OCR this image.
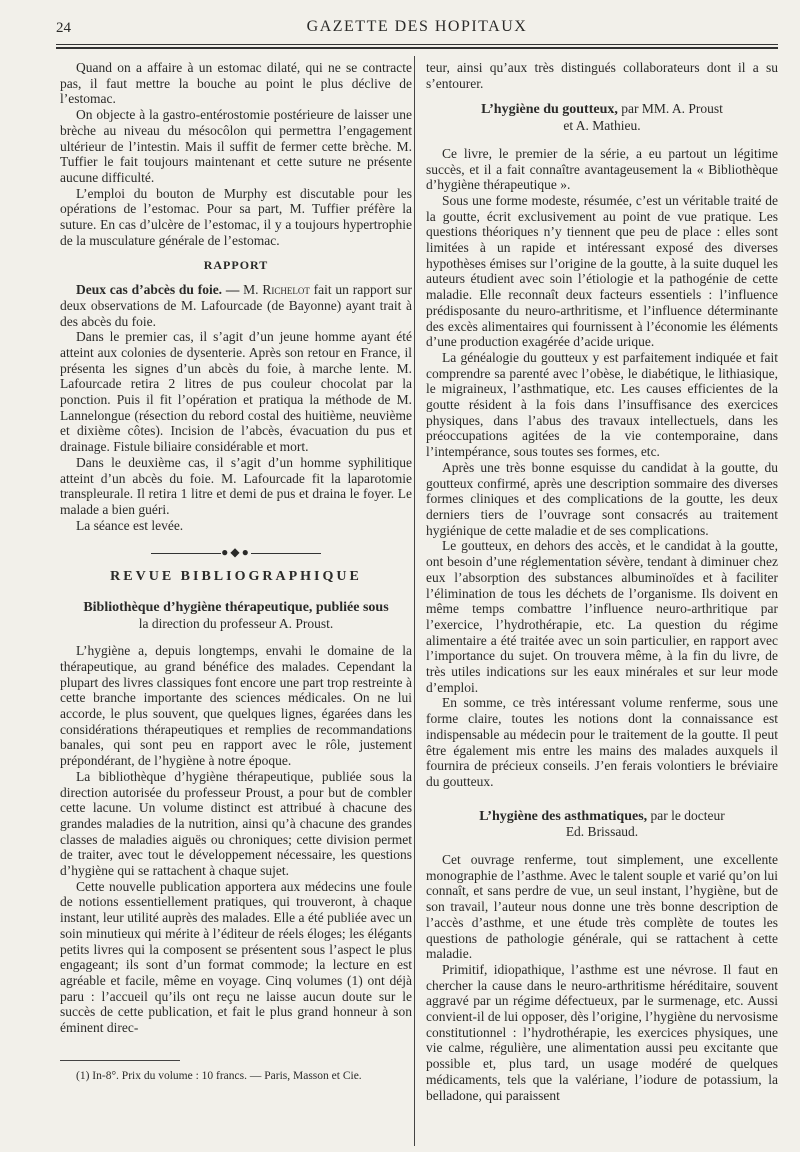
24	GAZETTE DES HOPITAUX

Quand on a affaire à un estomac dilaté, qui ne se contracte pas, il faut mettre la bouche au point le plus déclive de l’estomac.

On objecte à la gastro-entérostomie postérieure de laisser une brèche au niveau du mésocôlon qui permettra l’engagement ultérieur de l’intestin. Mais il suffit de fermer cette brèche. M. Tuffier le fait toujours maintenant et cette suture ne présente aucune difficulté.

L’emploi du bouton de Murphy est discutable pour les opérations de l’estomac. Pour sa part, M. Tuffier préfère la suture. En cas d’ulcère de l’estomac, il y a toujours hypertrophie de la musculature générale de l’estomac.

RAPPORT

Deux cas d’abcès du foie. — M. Richelot fait un rapport sur deux observations de M. Lafourcade (de Bayonne) ayant trait à des abcès du foie.

Dans le premier cas, il s’agit d’un jeune homme ayant été atteint aux colonies de dysenterie. Après son retour en France, il présenta les signes d’un abcès du foie, à marche lente. M. Lafourcade retira 2 litres de pus couleur chocolat par la ponction. Puis il fit l’opération et pratiqua la méthode de M. Lannelongue (résection du rebord costal des huitième, neuvième et dixième côtes). Incision de l’abcès, évacuation du pus et drainage. Fistule biliaire considérable et mort.

Dans le deuxième cas, il s’agit d’un homme syphilitique atteint d’un abcès du foie. M. Lafourcade fit la laparotomie transpleurale. Il retira 1 litre et demi de pus et draina le foyer. Le malade a bien guéri.

La séance est levée.

●◆●
REVUE BIBLIOGRAPHIQUE
Bibliothèque d’hygiène thérapeutique, publiée sous
la direction du professeur A. Proust.

L’hygiène a, depuis longtemps, envahi le domaine de la thérapeutique, au grand bénéfice des malades. Cependant la plupart des livres classiques font encore une part trop restreinte à cette branche importante des sciences médicales. On ne lui accorde, le plus souvent, que quelques lignes, égarées dans les considérations thérapeutiques et remplies de recommandations banales, qui sont peu en rapport avec le rôle, justement prépondérant, de l’hygiène à notre époque.

La bibliothèque d’hygiène thérapeutique, publiée sous la direction autorisée du professeur Proust, a pour but de combler cette lacune. Un volume distinct est attribué à chacune des grandes maladies de la nutrition, ainsi qu’à chacune des grandes classes de maladies aiguës ou chroniques; cette division permet de traiter, avec tout le développement nécessaire, les questions d’hygiène qui se rattachent à chaque sujet.

Cette nouvelle publication apportera aux médecins une foule de notions essentiellement pratiques, qui trouveront, à chaque instant, leur utilité auprès des malades. Elle a été publiée avec un soin minutieux qui mérite à l’éditeur de réels éloges; les élégants petits livres qui la composent se présentent sous l’aspect le plus engageant; ils sont d’un format commode; la lecture en est agréable et facile, même en voyage. Cinq volumes (1) ont déjà paru : l’accueil qu’ils ont reçu ne laisse aucun doute sur le succès de cette publication, et fait le plus grand honneur à son éminent direc-

(1) In-8°. Prix du volume : 10 francs. — Paris, Masson et Cie.

teur, ainsi qu’aux très distingués collaborateurs dont il a su s’entourer.

L’hygiène du goutteux, par MM. A. Proust
et A. Mathieu.

Ce livre, le premier de la série, a eu partout un légitime succès, et il a fait connaître avantageusement la « Bibliothèque d’hygiène thérapeutique ».

Sous une forme modeste, résumée, c’est un véritable traité de la goutte, écrit exclusivement au point de vue pratique. Les questions théoriques n’y tiennent que peu de place : elles sont limitées à un rapide et intéressant exposé des diverses hypothèses émises sur l’origine de la goutte, à la suite duquel les auteurs étudient avec soin l’étiologie et la pathogénie de cette maladie. Elle reconnaît deux facteurs essentiels : l’influence prédisposante du neuro-arthritisme, et l’influence déterminante des excès alimentaires qui fournissent à l’économie les éléments d’une production exagérée d’acide urique.

La généalogie du goutteux y est parfaitement indiquée et fait comprendre sa parenté avec l’obèse, le diabétique, le lithiasique, le migraineux, l’asthmatique, etc. Les causes efficientes de la goutte résident à la fois dans l’insuffisance des exercices physiques, dans l’abus des travaux intellectuels, dans les préoccupations agitées de la vie contemporaine, dans l’intempérance, sous toutes ses formes, etc.

Après une très bonne esquisse du candidat à la goutte, du goutteux confirmé, après une description sommaire des diverses formes cliniques et des complications de la goutte, les deux derniers tiers de l’ouvrage sont consacrés au traitement hygiénique de cette maladie et de ses complications.

Le goutteux, en dehors des accès, et le candidat à la goutte, ont besoin d’une réglementation sévère, tendant à diminuer chez eux l’absorption des substances albuminoïdes et à faciliter l’élimination de tous les déchets de l’organisme. Ils doivent en même temps combattre l’influence neuro-arthritique par l’exercice, l’hydrothérapie, etc. La question du régime alimentaire a été traitée avec un soin particulier, en rapport avec l’importance du sujet. On trouvera même, à la fin du livre, de très utiles indications sur les eaux minérales et sur leur mode d’emploi.

En somme, ce très intéressant volume renferme, sous une forme claire, toutes les notions dont la connaissance est indispensable au médecin pour le traitement de la goutte. Il peut être également mis entre les mains des malades auxquels il fournira de précieux conseils. J’en ferais volontiers le bréviaire du goutteux.

L’hygiène des asthmatiques, par le docteur
Ed. Brissaud.

Cet ouvrage renferme, tout simplement, une excellente monographie de l’asthme. Avec le talent souple et varié qu’on lui connaît, et sans perdre de vue, un seul instant, l’hygiène, but de son travail, l’auteur nous donne une très bonne description de l’accès d’asthme, et une étude très complète de toutes les questions de pathologie générale, qui se rattachent à cette maladie.

Primitif, idiopathique, l’asthme est une névrose. Il faut en chercher la cause dans le neuro-arthritisme héréditaire, souvent aggravé par un régime défectueux, par le surmenage, etc. Aussi convient-il de lui opposer, dès l’origine, l’hygiène du nervosisme constitutionnel : l’hydrothérapie, les exercices physiques, une vie calme, régulière, une alimentation aussi peu excitante que possible et, plus tard, un usage modéré de quelques médicaments, tels que la valériane, l’iodure de potassium, la belladone, qui paraissent
